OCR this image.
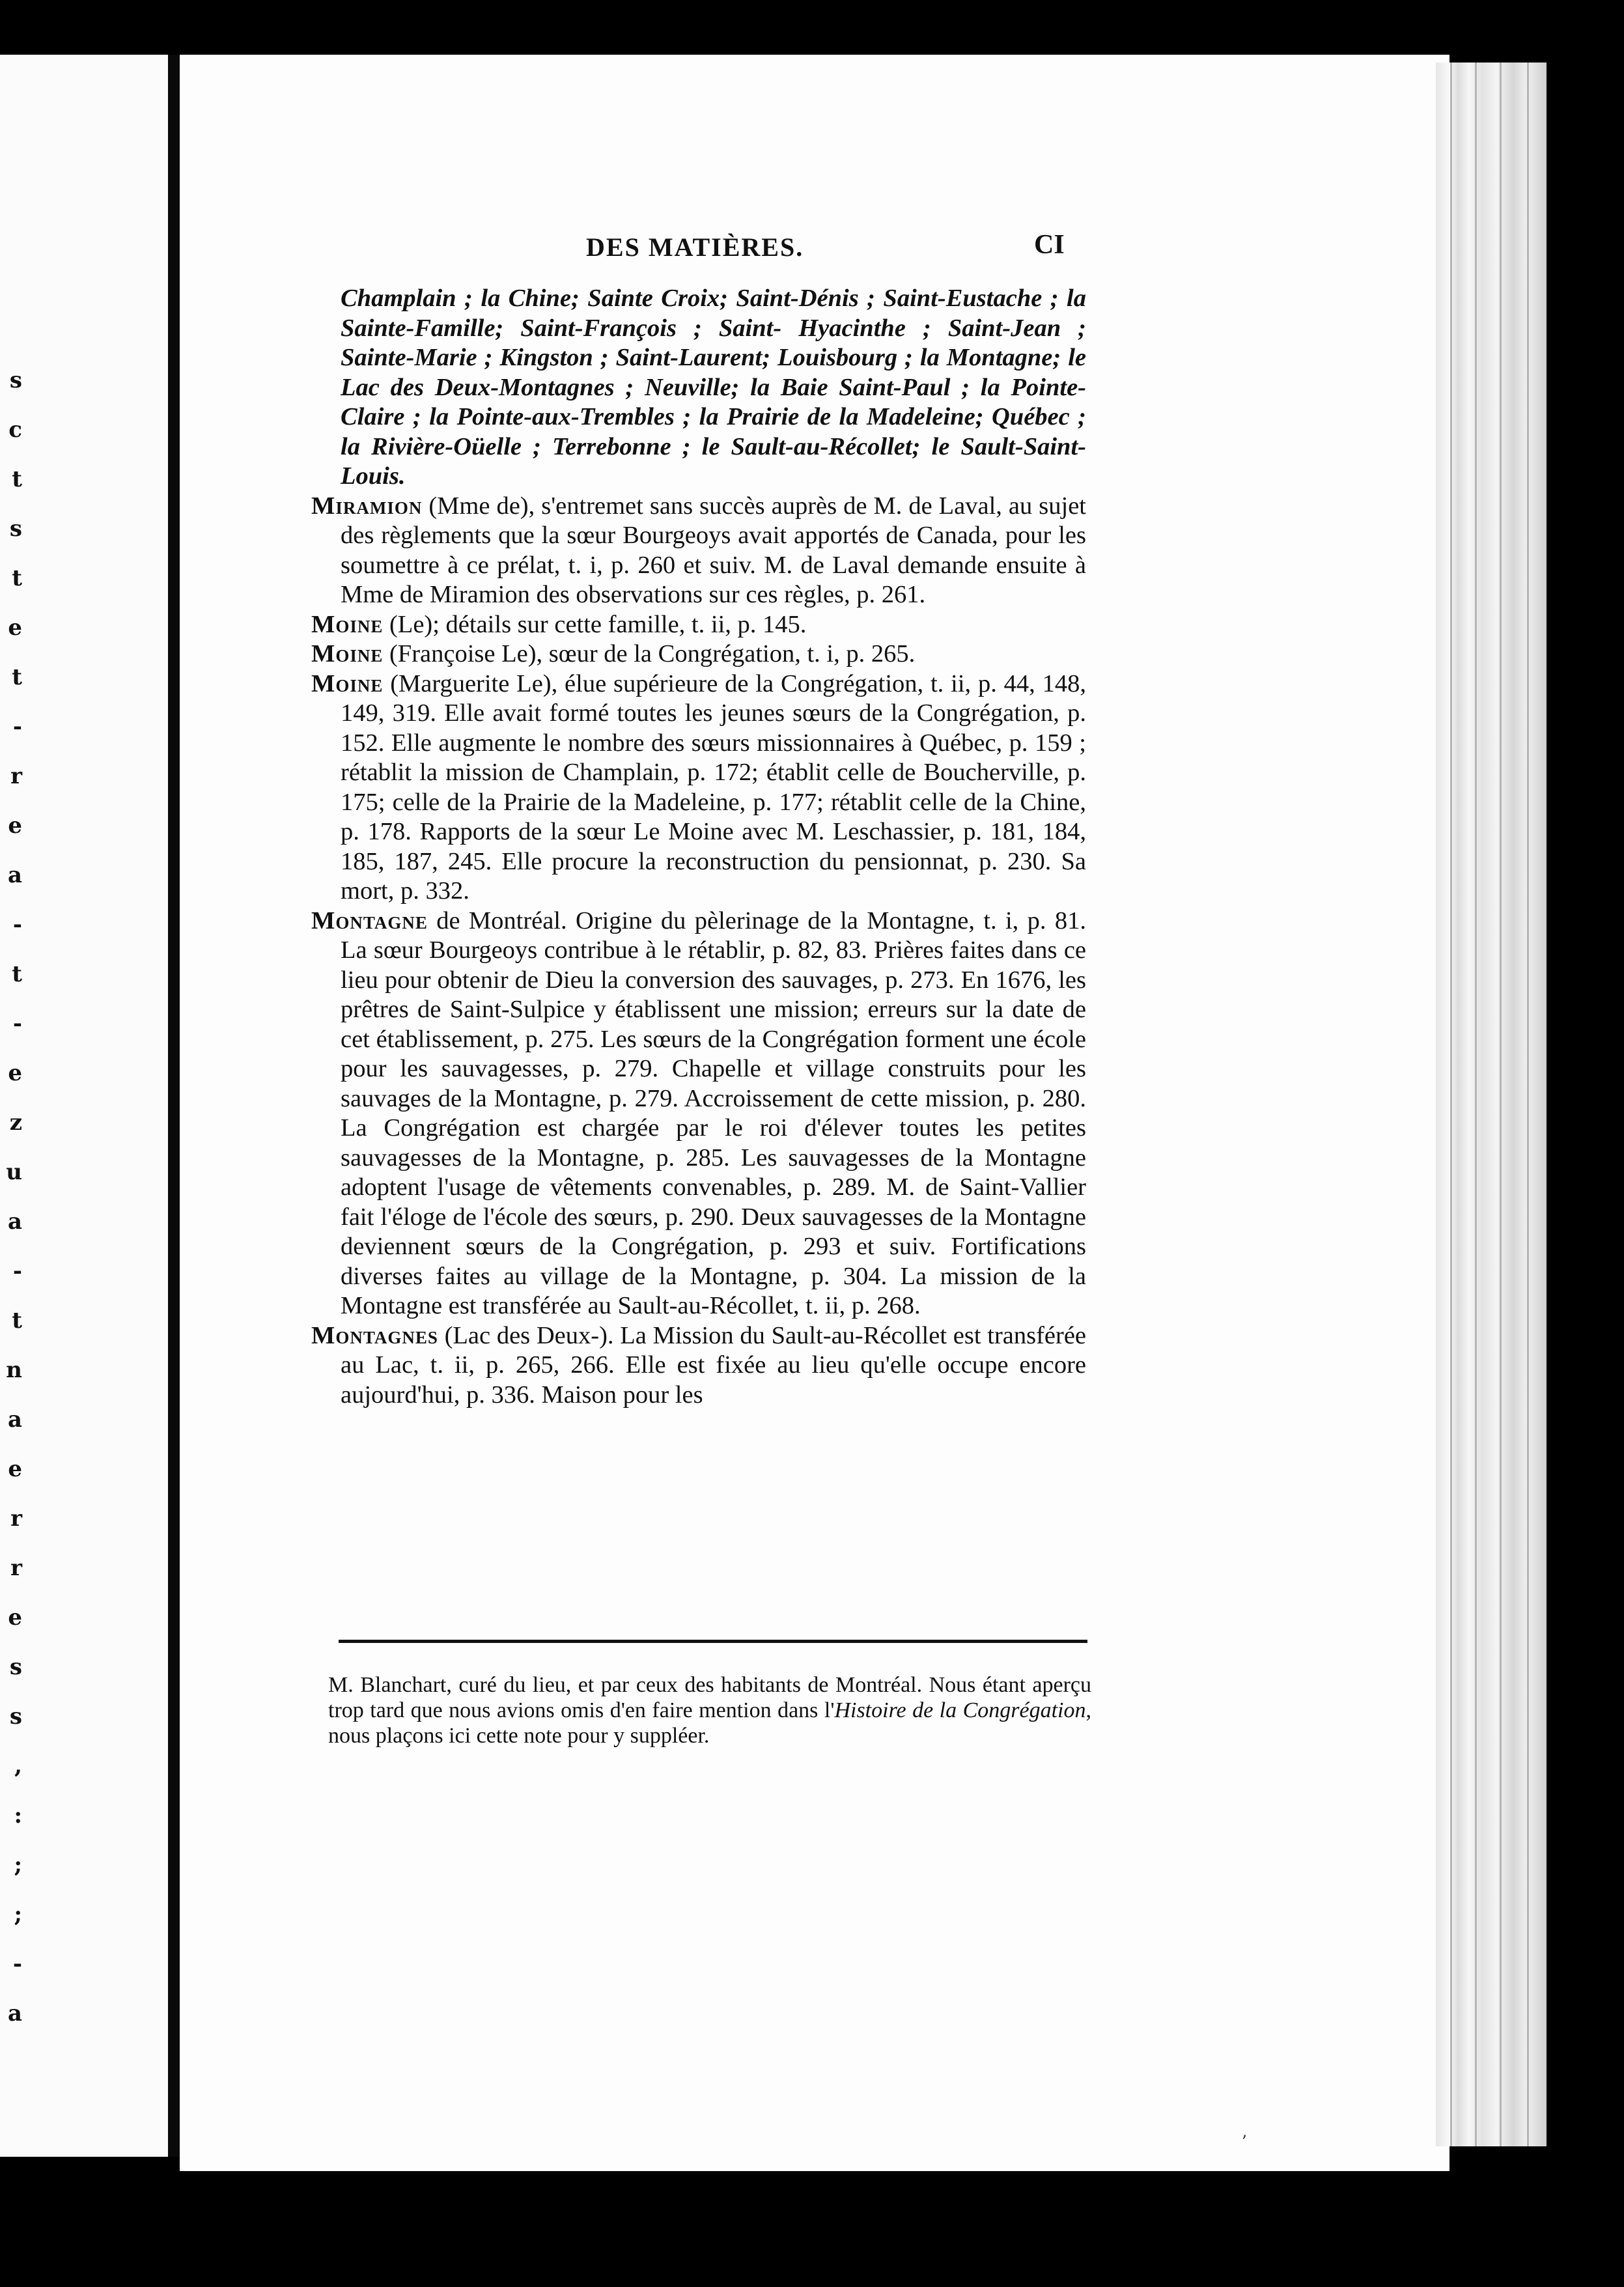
s
c
t
s
t
e
t
-
r
e
a
-
t
-
e
z
u
a
-
t
n
a
e
r
r
e
s
s
,
:
;
;
-
a
DES MATIÈRES.	CI

Champlain ; la Chine; Sainte Croix; Saint-Dénis ; Saint-Eustache ; la Sainte-Famille; Saint-François ; Saint- Hyacinthe ; Saint-Jean ; Sainte-Marie ; Kingston ; Saint-Laurent; Louisbourg ; la Montagne; le Lac des Deux-Montagnes ; Neuville; la Baie Saint-Paul ; la Pointe-Claire ; la Pointe-aux-Trembles ; la Prairie de la Madeleine; Québec ; la Rivière-Oüelle ; Terrebonne ; le Sault-au-Récollet; le Sault-Saint-Louis.

Miramion (Mme de), s'entremet sans succès auprès de M. de Laval, au sujet des règlements que la sœur Bourgeoys avait apportés de Canada, pour les soumettre à ce prélat, t. i, p. 260 et suiv. M. de Laval demande ensuite à Mme de Miramion des observations sur ces règles, p. 261.

Moine (Le); détails sur cette famille, t. ii, p. 145.

Moine (Françoise Le), sœur de la Congrégation, t. i, p. 265.

Moine (Marguerite Le), élue supérieure de la Congrégation, t. ii, p. 44, 148, 149, 319. Elle avait formé toutes les jeunes sœurs de la Congrégation, p. 152. Elle augmente le nombre des sœurs missionnaires à Québec, p. 159 ; rétablit la mission de Champlain, p. 172; établit celle de Boucherville, p. 175; celle de la Prairie de la Madeleine, p. 177; rétablit celle de la Chine, p. 178. Rapports de la sœur Le Moine avec M. Leschassier, p. 181, 184, 185, 187, 245. Elle procure la reconstruction du pensionnat, p. 230. Sa mort, p. 332.

Montagne de Montréal. Origine du pèlerinage de la Montagne, t. i, p. 81. La sœur Bourgeoys contribue à le rétablir, p. 82, 83. Prières faites dans ce lieu pour obtenir de Dieu la conversion des sauvages, p. 273. En 1676, les prêtres de Saint-Sulpice y établissent une mission; erreurs sur la date de cet établissement, p. 275. Les sœurs de la Congrégation forment une école pour les sauvagesses, p. 279. Chapelle et village construits pour les sauvages de la Montagne, p. 279. Accroissement de cette mission, p. 280. La Congrégation est chargée par le roi d'élever toutes les petites sauvagesses de la Montagne, p. 285. Les sauvagesses de la Montagne adoptent l'usage de vêtements convenables, p. 289. M. de Saint-Vallier fait l'éloge de l'école des sœurs, p. 290. Deux sauvagesses de la Montagne deviennent sœurs de la Congrégation, p. 293 et suiv. Fortifications diverses faites au village de la Montagne, p. 304. La mission de la Montagne est transférée au Sault-au-Récollet, t. ii, p. 268.

Montagnes (Lac des Deux-). La Mission du Sault-au-Récollet est transférée au Lac, t. ii, p. 265, 266. Elle est fixée au lieu qu'elle occupe encore aujourd'hui, p. 336. Maison pour les

M. Blanchart, curé du lieu, et par ceux des habitants de Montréal. Nous étant aperçu trop tard que nous avions omis d'en faire mention dans l'Histoire de la Congrégation, nous plaçons ici cette note pour y suppléer.
ʼ
